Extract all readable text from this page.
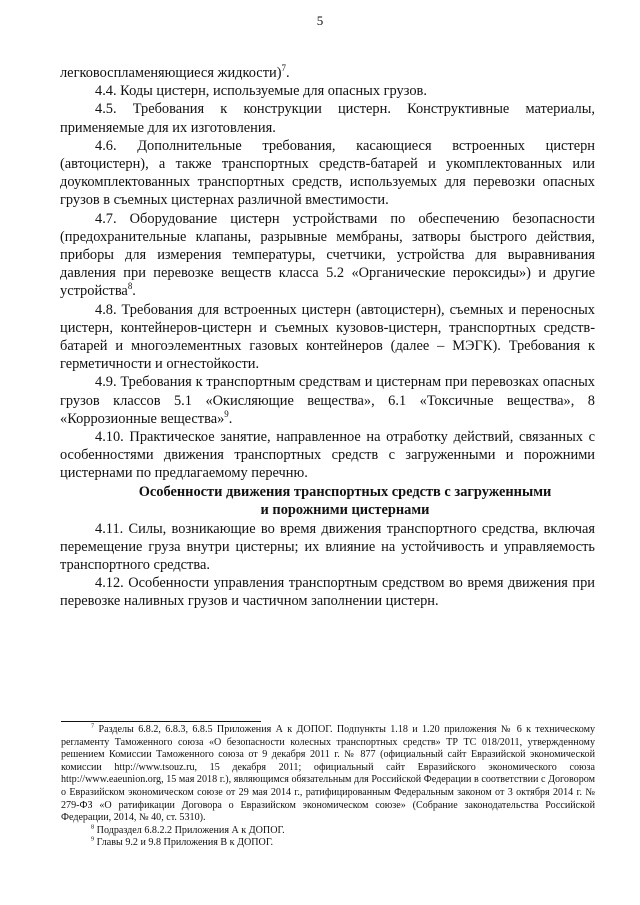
5

легковоспламеняющиеся жидкости)$^7$.

4.4. Коды цистерн, используемые для опасных грузов.

4.5. Требования к конструкции цистерн. Конструктивные материалы, применяемые для их изготовления.

4.6. Дополнительные требования, касающиеся встроенных цистерн (автоцистерн), а также транспортных средств-батарей и укомплектованных или доукомплектованных транспортных средств, используемых для перевозки опасных грузов в съемных цистернах различной вместимости.

4.7. Оборудование цистерн устройствами по обеспечению безопасности (предохранительные клапаны, разрывные мембраны, затворы быстрого действия, приборы для измерения температуры, счетчики, устройства для выравнивания давления при перевозке веществ класса 5.2 «Органические пероксиды») и другие устройства$^8$.

4.8. Требования для встроенных цистерн (автоцистерн), съемных и переносных цистерн, контейнеров-цистерн и съемных кузовов-цистерн, транспортных средств-батарей и многоэлементных газовых контейнеров (далее – МЭГК). Требования к герметичности и огнестойкости.

4.9. Требования к транспортным средствам и цистернам при перевозках опасных грузов классов 5.1 «Окисляющие вещества», 6.1 «Токсичные вещества», 8 «Коррозионные вещества»$^9$.

4.10. Практическое занятие, направленное на отработку действий, связанных с особенностями движения транспортных средств с загруженными и порожними цистернами по предлагаемому перечню.

Особенности движения транспортных средств с загруженными
и порожними цистернами

4.11. Силы, возникающие во время движения транспортного средства, включая перемещение груза внутри цистерны; их влияние на устойчивость и управляемость транспортного средства.

4.12. Особенности управления транспортным средством во время движения при перевозке наливных грузов и частичном заполнении цистерн.

$^7$ Разделы 6.8.2, 6.8.3, 6.8.5 Приложения А к ДОПОГ. Подпункты 1.18 и 1.20 приложения № 6 к техническому регламенту Таможенного союза «О безопасности колесных транспортных средств» ТР ТС 018/2011, утвержденному решением Комиссии Таможенного союза от 9 декабря 2011 г. № 877 (официальный сайт Евразийской экономической комиссии http://www.tsouz.ru, 15 декабря 2011; официальный сайт Евразийского экономического союза http://www.eaeunion.org, 15 мая 2018 г.), являющимся обязательным для Российской Федерации в соответствии с Договором о Евразийском экономическом союзе от 29 мая 2014 г., ратифицированным Федеральным законом от 3 октября 2014 г. № 279-ФЗ «О ратификации Договора о Евразийском экономическом союзе» (Собрание законодательства Российской Федерации, 2014, № 40, ст. 5310).

$^8$ Подраздел 6.8.2.2 Приложения А к ДОПОГ.

$^9$ Главы 9.2 и 9.8 Приложения В к ДОПОГ.
